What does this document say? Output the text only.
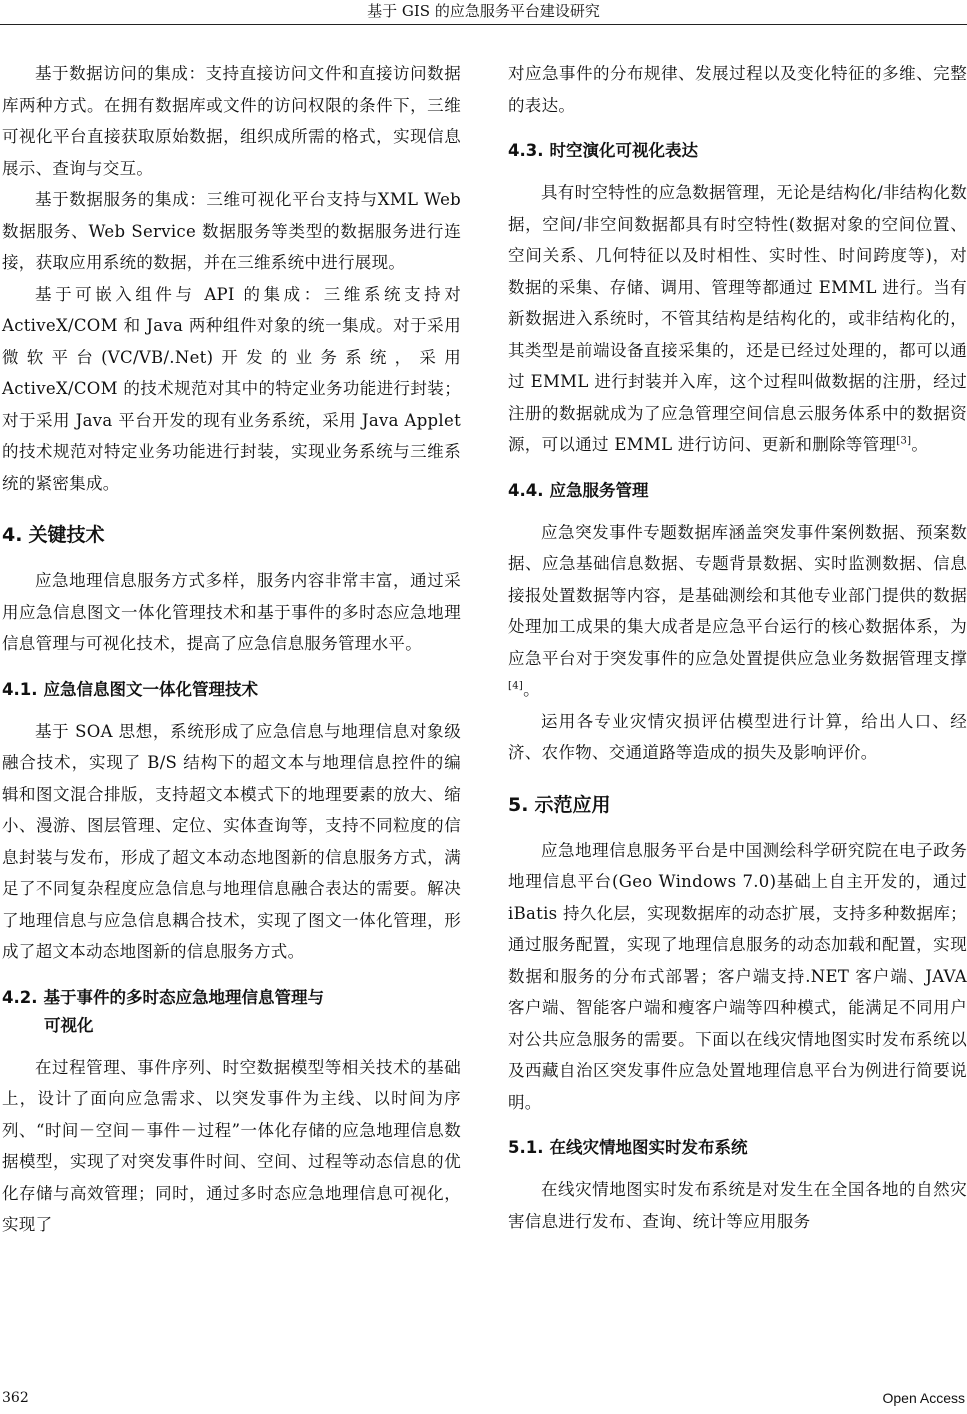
基于 GIS 的应急服务平台建设研究

基于数据访问的集成：支持直接访问文件和直接访问数据库两种方式。在拥有数据库或文件的访问权限的条件下，三维可视化平台直接获取原始数据，组织成所需的格式，实现信息展示、查询与交互。

基于数据服务的集成：三维可视化平台支持与XML Web 数据服务、Web Service 数据服务等类型的数据服务进行连接，获取应用系统的数据，并在三维系统中进行展现。

基于可嵌入组件与 API 的集成：三维系统支持对 ActiveX/COM 和 Java 两种组件对象的统一集成。对于采用微软平台(VC/VB/.Net)开发的业务系统，采用 ActiveX/COM 的技术规范对其中的特定业务功能进行封装；对于采用 Java 平台开发的现有业务系统，采用 Java Applet 的技术规范对特定业务功能进行封装，实现业务系统与三维系统的紧密集成。

4. 关键技术

应急地理信息服务方式多样，服务内容非常丰富，通过采用应急信息图文一体化管理技术和基于事件的多时态应急地理信息管理与可视化技术，提高了应急信息服务管理水平。

4.1. 应急信息图文一体化管理技术

基于 SOA 思想，系统形成了应急信息与地理信息对象级融合技术，实现了 B/S 结构下的超文本与地理信息控件的编辑和图文混合排版，支持超文本模式下的地理要素的放大、缩小、漫游、图层管理、定位、实体查询等，支持不同粒度的信息封装与发布，形成了超文本动态地图新的信息服务方式，满足了不同复杂程度应急信息与地理信息融合表达的需要。解决了地理信息与应急信息耦合技术，实现了图文一体化管理，形成了超文本动态地图新的信息服务方式。

4.2. 基于事件的多时态应急地理信息管理与
可视化

在过程管理、事件序列、时空数据模型等相关技术的基础上，设计了面向应急需求、以突发事件为主线、以时间为序列、“时间－空间－事件－过程”一体化存储的应急地理信息数据模型，实现了对突发事件时间、空间、过程等动态信息的优化存储与高效管理；同时，通过多时态应急地理信息可视化，实现了

对应急事件的分布规律、发展过程以及变化特征的多维、完整的表达。

4.3. 时空演化可视化表达

具有时空特性的应急数据管理，无论是结构化/非结构化数据，空间/非空间数据都具有时空特性(数据对象的空间位置、空间关系、几何特征以及时相性、实时性、时间跨度等)，对数据的采集、存储、调用、管理等都通过 EMML 进行。当有新数据进入系统时，不管其结构是结构化的，或非结构化的，其类型是前端设备直接采集的，还是已经过处理的，都可以通过 EMML 进行封装并入库，这个过程叫做数据的注册，经过注册的数据就成为了应急管理空间信息云服务体系中的数据资源，可以通过 EMML 进行访问、更新和删除等管理[3]。

4.4. 应急服务管理

应急突发事件专题数据库涵盖突发事件案例数据、预案数据、应急基础信息数据、专题背景数据、实时监测数据、信息接报处置数据等内容，是基础测绘和其他专业部门提供的数据处理加工成果的集大成者是应急平台运行的核心数据体系，为应急平台对于突发事件的应急处置提供应急业务数据管理支撑[4]。

运用各专业灾情灾损评估模型进行计算，给出人口、经济、农作物、交通道路等造成的损失及影响评价。

5. 示范应用

应急地理信息服务平台是中国测绘科学研究院在电子政务地理信息平台(Geo Windows 7.0)基础上自主开发的，通过 iBatis 持久化层，实现数据库的动态扩展，支持多种数据库；通过服务配置，实现了地理信息服务的动态加载和配置，实现数据和服务的分布式部署；客户端支持.NET 客户端、JAVA 客户端、智能客户端和瘦客户端等四种模式，能满足不同用户对公共应急服务的需要。下面以在线灾情地图实时发布系统以及西藏自治区突发事件应急处置地理信息平台为例进行简要说明。

5.1. 在线灾情地图实时发布系统

在线灾情地图实时发布系统是对发生在全国各地的自然灾害信息进行发布、查询、统计等应用服务

362	Open Access
